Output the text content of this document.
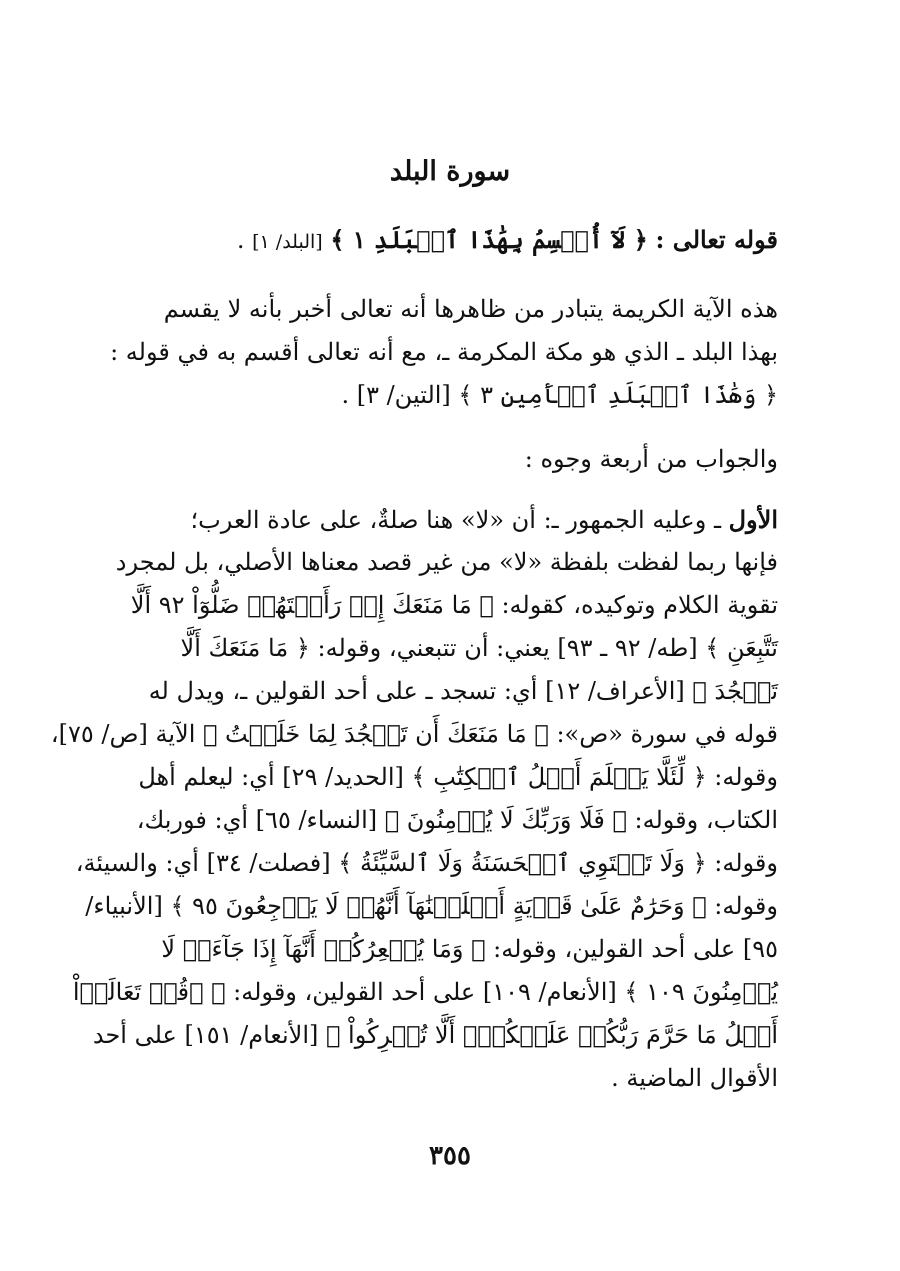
سورة البلد
قوله تعالى : ﴿ لَآ أُقۡسِمُ بِهَٰذَا ٱلۡبَلَدِ ١ ﴾ [البلد/ ١] .
هذه الآية الكريمة يتبادر من ظاهرها أنه تعالى أخبر بأنه لا يقسم
بهذا البلد ـ الذي هو مكة المكرمة ـ، مع أنه تعالى أقسم به في قوله :
﴿ وَهَٰذَا ٱلۡبَلَدِ ٱلۡأَمِينِ ٣ ﴾ [التين/ ٣] .
والجواب من أربعة وجوه :
الأول ـ وعليه الجمهور ـ: أن «لا» هنا صلةٌ، على عادة العرب؛
فإنها ربما لفظت بلفظة «لا» من غير قصد معناها الأصلي، بل لمجرد
تقوية الكلام وتوكيده، كقوله: ﴿ مَا مَنَعَكَ إِذۡ رَأَيۡتَهُمۡ ضَلُّوٓاْ ٩٢ أَلَّا
تَتَّبِعَنِ ﴾ [طه/ ٩٢ ـ ٩٣] يعني: أن تتبعني، وقوله: ﴿ مَا مَنَعَكَ أَلَّا
تَسۡجُدَ ﴾ [الأعراف/ ١٢] أي: تسجد ـ على أحد القولين ـ، ويدل له
قوله في سورة «ص»: ﴿ مَا مَنَعَكَ أَن تَسۡجُدَ لِمَا خَلَقۡتُ ﴾ الآية [ص/ ٧٥]،
وقوله: ﴿ لِّئَلَّا يَعۡلَمَ أَهۡلُ ٱلۡكِتَٰبِ ﴾ [الحديد/ ٢٩] أي: ليعلم أهل
الكتاب، وقوله: ﴿ فَلَا وَرَبِّكَ لَا يُؤۡمِنُونَ ﴾ [النساء/ ٦٥] أي: فوربك،
وقوله: ﴿ وَلَا تَسۡتَوِي ٱلۡحَسَنَةُ وَلَا ٱلسَّيِّئَةُ ﴾ [فصلت/ ٣٤] أي: والسيئة،
وقوله: ﴿ وَحَرَٰمٌ عَلَىٰ قَرۡيَةٍ أَهۡلَكۡنَٰهَآ أَنَّهُمۡ لَا يَرۡجِعُونَ ٩٥ ﴾ [الأنبياء/
٩٥] على أحد القولين، وقوله: ﴿ وَمَا يُشۡعِرُكُمۡ أَنَّهَآ إِذَا جَآءَتۡ لَا
يُؤۡمِنُونَ ١٠٩ ﴾ [الأنعام/ ١٠٩] على أحد القولين، وقوله: ﴿ ۞قُلۡ تَعَالَوۡاْ
أَتۡلُ مَا حَرَّمَ رَبُّكُمۡ عَلَيۡكُمۡۖ أَلَّا تُشۡرِكُواْ ﴾ [الأنعام/ ١٥١] على أحد
الأقوال الماضية .
٣٥٥
